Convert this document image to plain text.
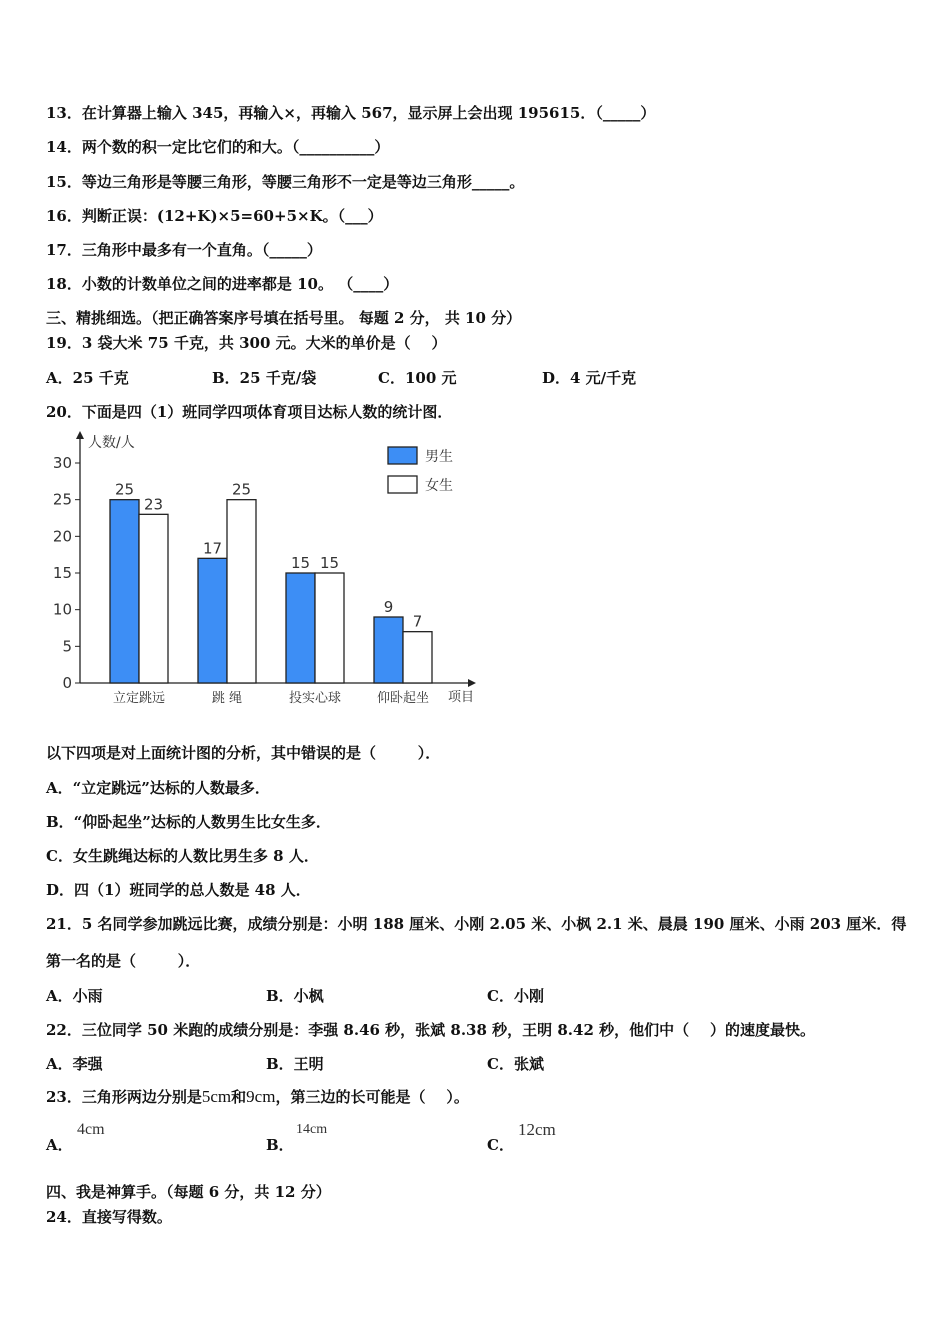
13．在计算器上输入 345，再输入×，再输入 567，显示屏上会出现 195615．（_____）
14．两个数的积一定比它们的和大。（__________）
15．等边三角形是等腰三角形，等腰三角形不一定是等边三角形_____。
16．判断正误：(12+K)×5=60+5×K。（___）
17．三角形中最多有一个直角。（_____）
18．小数的计数单位之间的进率都是 10。 （____）
三、精挑细选。（把正确答案序号填在括号里。 每题 2 分， 共 10 分）
19．3 袋大米 75 千克，共 300 元。大米的单价是（    ）
A．25 千克	B．25 千克/袋	C．100 元	D．4 元/千克
20．下面是四（1）班同学四项体育项目达标人数的统计图．
0
5
10
15
20
25
30
人数/人
项目
25
23
立定跳远
17
25
跳 绳
15 15
投实心球
9
7
仰卧起坐
男生
女生
以下四项是对上面统计图的分析，其中错误的是（        ）．
A．“立定跳远”达标的人数最多．
B．“仰卧起坐”达标的人数男生比女生多．
C．女生跳绳达标的人数比男生多 8 人．
D．四（1）班同学的总人数是 48 人．
21．5 名同学参加跳远比赛，成绩分别是：小明 188 厘米、小刚 2.05 米、小枫 2.1 米、晨晨 190 厘米、小雨 203 厘米．得
第一名的是（        ）．
A．小雨	B．小枫	C．小刚
22．三位同学 50 米跑的成绩分别是：李强 8.46 秒，张斌 8.38 秒，王明 8.42 秒，他们中（    ）的速度最快。
A．李强	B．王明	C．张斌
23．三角形两边分别是5cm和9cm，第三边的长可能是（    ）。
A．
4cm
B．
14cm
C．
12cm
四、我是神算手。（每题 6 分，共 12 分）
24．直接写得数。
